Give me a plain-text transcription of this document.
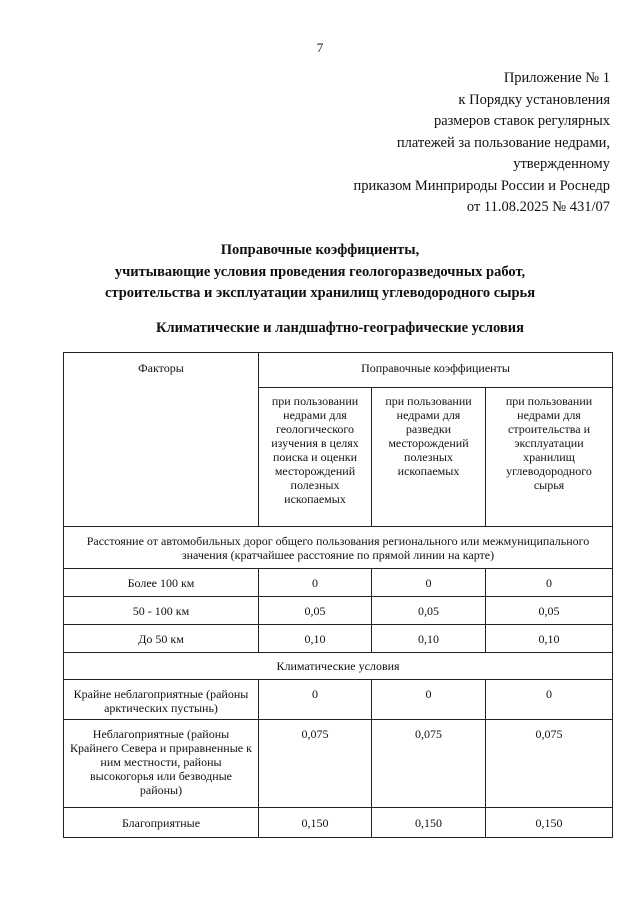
7
Приложение № 1
к Порядку установления
размеров ставок регулярных
платежей за пользование недрами,
утвержденному
приказом Минприроды России и Роснедр
от 11.08.2025 № 431/07
Поправочные коэффициенты,
учитывающие условия проведения геологоразведочных работ,
строительства и эксплуатации хранилищ углеводородного сырья
Климатические и ландшафтно-географические условия
Факторы	Поправочные коэффициенты		
	при пользовании недрами для геологического изучения в целях поиска и оценки месторождений полезных ископаемых	при пользовании недрами для разведки месторождений полезных ископаемых	при пользовании недрами для строительства и эксплуатации хранилищ углеводородного сырья
Расстояние от автомобильных дорог общего пользования регионального или межмуниципального значения (кратчайшее расстояние по прямой линии на карте)			
Более 100 км	0	0	0
50 - 100 км	0,05	0,05	0,05
До 50 км	0,10	0,10	0,10
Климатические условия			
Крайне неблагоприятные (районы арктических пустынь)	0	0	0
Неблагоприятные (районы Крайнего Севера и приравненные к ним местности, районы высокогорья или безводные районы)	0,075	0,075	0,075
Благоприятные	0,150	0,150	0,150
